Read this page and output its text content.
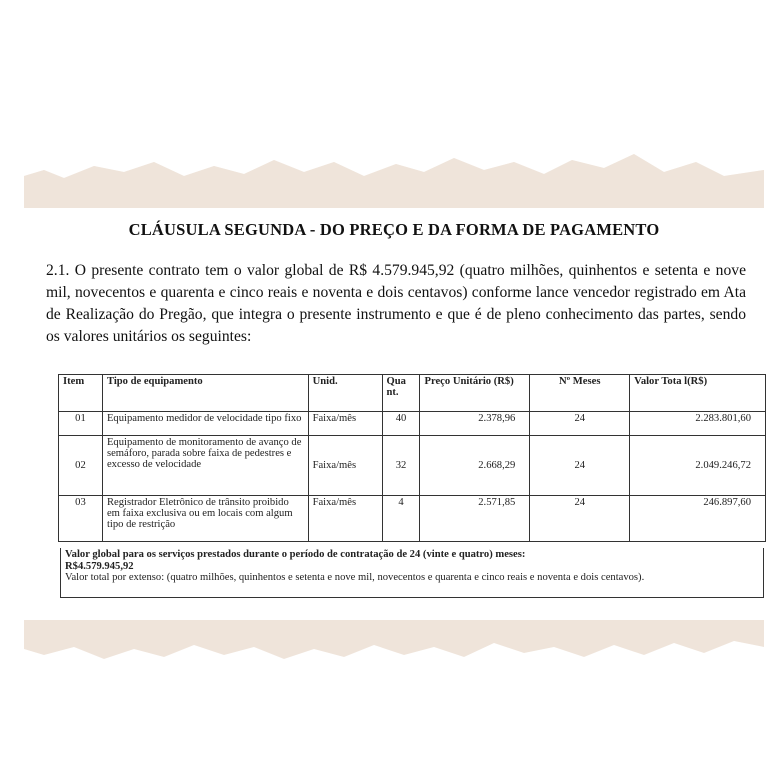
CLÁUSULA SEGUNDA - DO PREÇO E DA FORMA DE PAGAMENTO
2.1. O presente contrato tem o valor global de R$ 4.579.945,92 (quatro milhões, quinhentos e setenta e nove mil, novecentos e quarenta e cinco reais e noventa e dois centavos) conforme lance vencedor registrado em Ata de Realização do Pregão, que integra o presente instrumento e que é de pleno conhecimento das partes, sendo os valores unitários os seguintes:
Item	Tipo de equipamento	Unid.	Qua nt.	Preço Unitário (R$)	Nº Meses	Valor Tota l(R$)
01	Equipamento medidor de velocidade tipo fixo	Faixa/mês	40	2.378,96	24	2.283.801,60
02	Equipamento de monitoramento de avanço de semáforo, parada sobre faixa de pedestres e excesso de velocidade	Faixa/mês	32	2.668,29	24	2.049.246,72
03	Registrador Eletrônico de trânsito proibido em faixa exclusiva ou em locais com algum tipo de restrição	Faixa/mês	4	2.571,85	24	246.897,60
Valor global para os serviços prestados durante o período de contratação de 24 (vinte e quatro) meses:
R$4.579.945,92
Valor total por extenso: (quatro milhões, quinhentos e setenta e nove mil, novecentos e quarenta e cinco reais e noventa e dois centavos).
